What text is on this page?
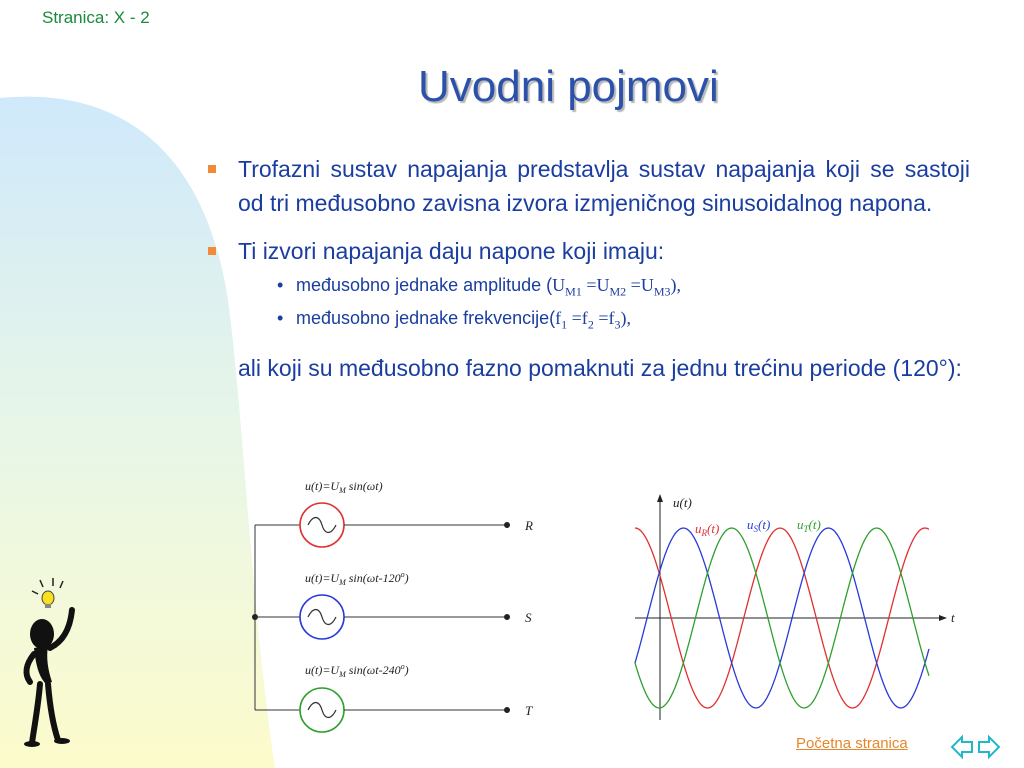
Stranica: X - 2
Uvodni pojmovi
Trofazni sustav napajanja predstavlja sustav napajanja koji se sastoji od tri međusobno zavisna izvora izmjeničnog sinusoidalnog napona.
Ti izvori napajanja daju napone koji imaju:
• međusobno jednake amplitude $(U_{M1} =U_{M2} =U_{M3})$,
• međusobno jednake $frekvencije(f_1 =f_2 =f_3)$,
ali koji su međusobno fazno pomaknuti za jednu trećinu periode (120°):
$u(t)=U_M$ sin(ωt)
R
$u(t)=U_M$ sin(ωt-120$^o$)
S
$u(t)=U_M$ sin(ωt-240$^o$)
T
u(t)
t
$u_R(t)$ $u_S(t)$ $u_T(t)$
Početna stranica
